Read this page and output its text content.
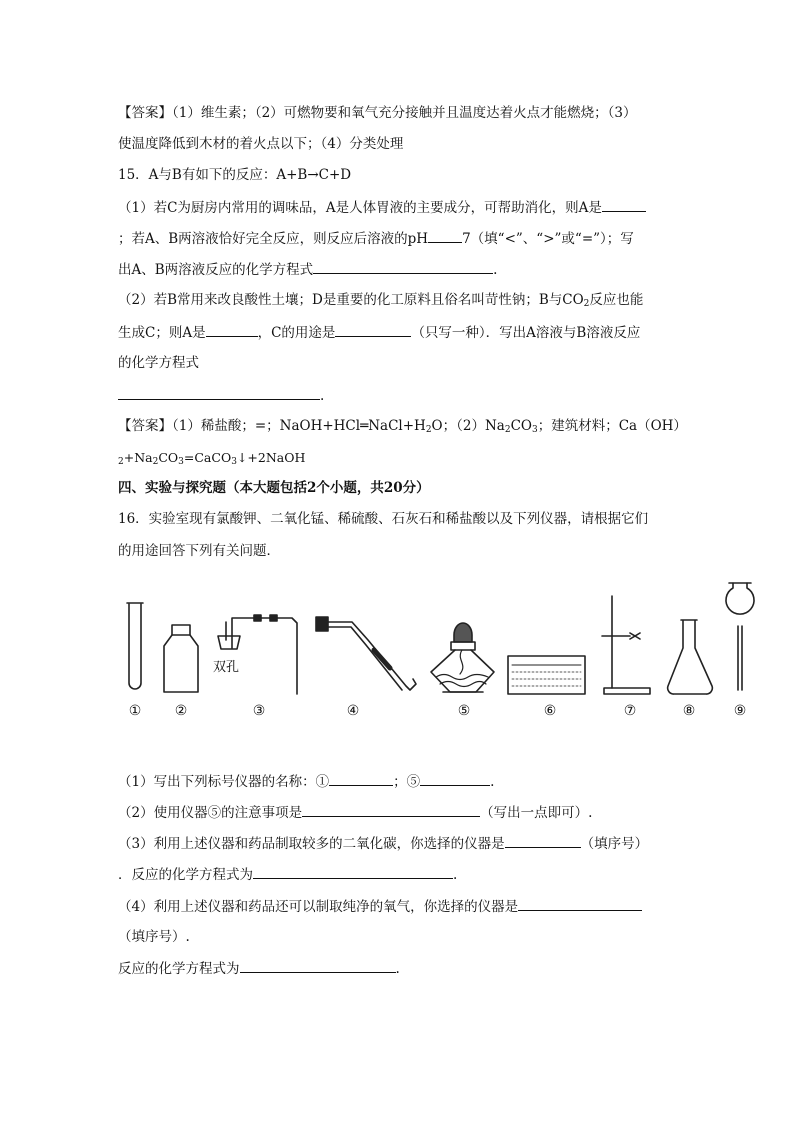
【答案】（1）维生素；（2）可燃物要和氧气充分接触并且温度达着火点才能燃烧；（3）
使温度降低到木材的着火点以下；（4）分类处理
15．A与B有如下的反应：A+B→C+D
（1）若C为厨房内常用的调味品，A是人体胃液的主要成分，可帮助消化，则A是
；若A、B两溶液恰好完全反应，则反应后溶液的pH	7（填“<”、“>”或“=”）；写
出A、B两溶液反应的化学方程式	.
（2）若B常用来改良酸性土壤；D是重要的化工原料且俗名叫苛性钠；B与$CO_2$反应也能
生成C；则A是	，C的用途是	（只写一种）．写出A溶液与B溶液反应
的化学方程式
.
【答案】（1）稀盐酸；=；$NaOH+HCl═NaCl+H_2O$；$(2)Na_2CO_3$；建筑材料；Ca（OH）
$_2+Na_2CO_3=CaCO_3↓+2NaOH$
四、实验与探究题（本大题包括2个小题，共20分）
16．实验室现有氯酸钾、二氧化锰、稀硫酸、石灰石和稀盐酸以及下列仪器，请根据它们
的用途回答下列有关问题．
双孔
① ②	③	④	⑤	⑥	⑦	⑧	⑨
（1）写出下列标号仪器的名称：①	；⑤	.
（2）使用仪器⑤的注意事项是	（写出一点即可）.
（3）利用上述仪器和药品制取较多的二氧化碳，你选择的仪器是	（填序号）
．反应的化学方程式为	.
（4）利用上述仪器和药品还可以制取纯净的氧气，你选择的仪器是
（填序号）.
反应的化学方程式为	.
